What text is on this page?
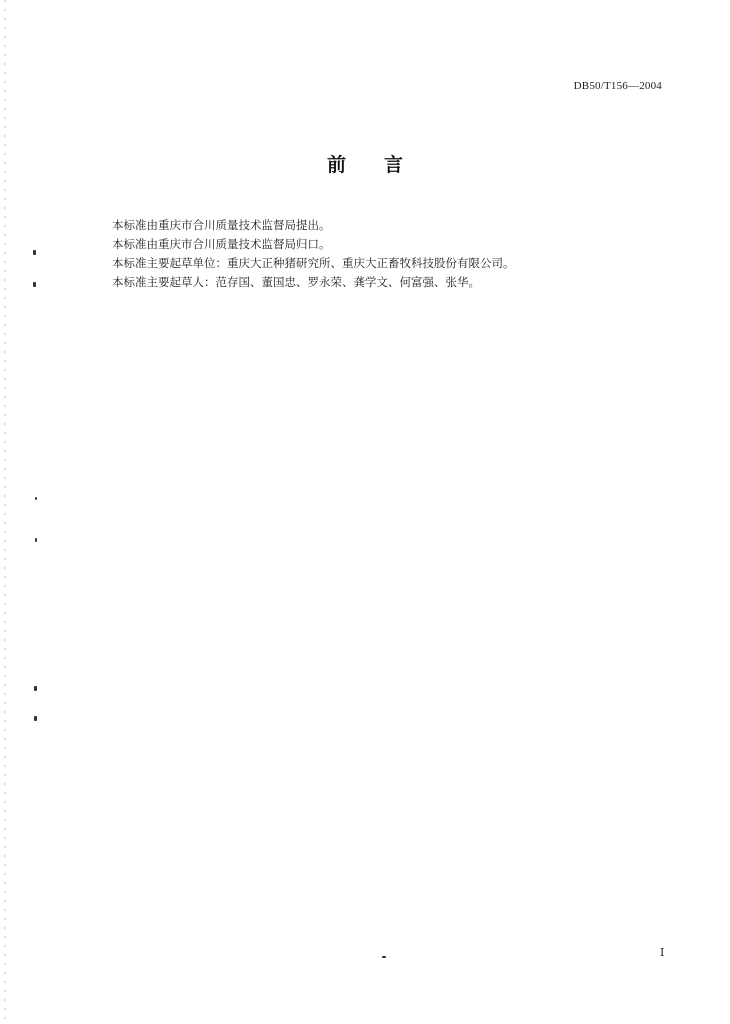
DB50/T156—2004
前言
本标准由重庆市合川质量技术监督局提出。
本标准由重庆市合川质量技术监督局归口。
本标准主要起草单位：重庆大正种猪研究所、重庆大正畜牧科技股份有限公司。
本标准主要起草人：范存国、董国忠、罗永荣、龚学文、何富强、张华。
I
